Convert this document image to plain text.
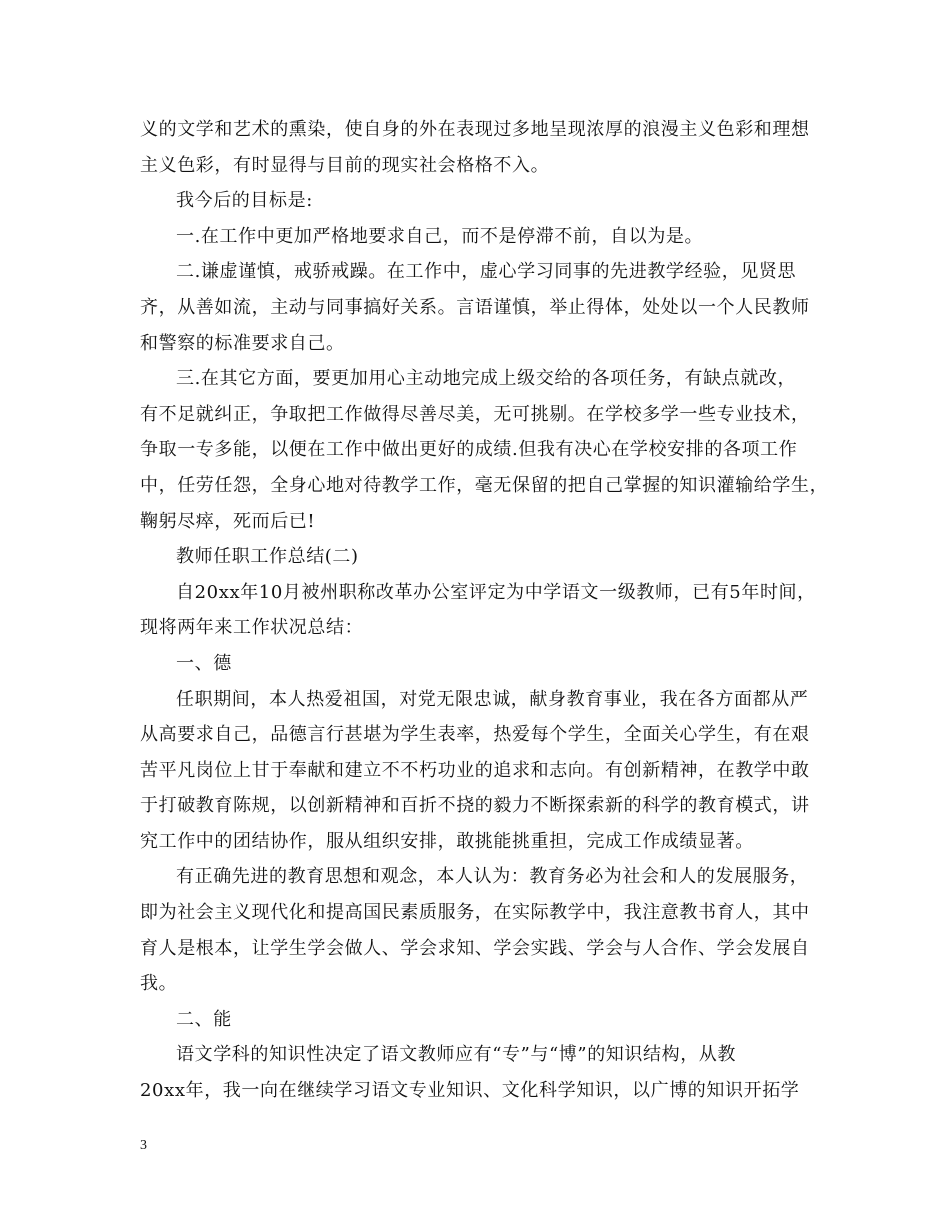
义的文学和艺术的熏染，使自身的外在表现过多地呈现浓厚的浪漫主义色彩和理想
主义色彩，有时显得与目前的现实社会格格不入。
我今后的目标是:
一.在工作中更加严格地要求自己，而不是停滞不前，自以为是。
二.谦虚谨慎，戒骄戒躁。在工作中，虚心学习同事的先进教学经验，见贤思
齐，从善如流，主动与同事搞好关系。言语谨慎，举止得体，处处以一个人民教师
和警察的标准要求自己。
三.在其它方面，要更加用心主动地完成上级交给的各项任务，有缺点就改，
有不足就纠正，争取把工作做得尽善尽美，无可挑剔。在学校多学一些专业技术，
争取一专多能，以便在工作中做出更好的成绩.但我有决心在学校安排的各项工作
中，任劳任怨，全身心地对待教学工作，毫无保留的把自己掌握的知识灌输给学生，
鞠躬尽瘁，死而后已!
教师任职工作总结(二)
自20xx年10月被州职称改革办公室评定为中学语文一级教师，已有5年时间，
现将两年来工作状况总结：
一、德
任职期间，本人热爱祖国，对党无限忠诚，献身教育事业，我在各方面都从严
从高要求自己，品德言行甚堪为学生表率，热爱每个学生，全面关心学生，有在艰
苦平凡岗位上甘于奉献和建立不不朽功业的追求和志向。有创新精神，在教学中敢
于打破教育陈规，以创新精神和百折不挠的毅力不断探索新的科学的教育模式，讲
究工作中的团结协作，服从组织安排，敢挑能挑重担，完成工作成绩显著。
有正确先进的教育思想和观念，本人认为：教育务必为社会和人的发展服务，
即为社会主义现代化和提高国民素质服务，在实际教学中，我注意教书育人，其中
育人是根本，让学生学会做人、学会求知、学会实践、学会与人合作、学会发展自
我。
二、能
语文学科的知识性决定了语文教师应有“专”与“博”的知识结构，从教
20xx年，我一向在继续学习语文专业知识、文化科学知识，以广博的知识开拓学
3
